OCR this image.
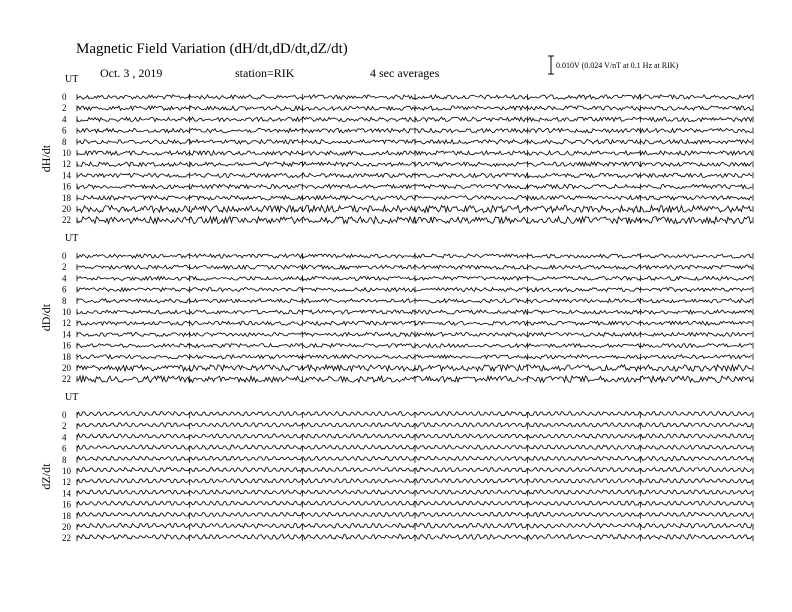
Magnetic Field Variation (dH/dt,dD/dt,dZ/dt)
Oct. 3 , 2019	station=RIK	4 sec averages
0.010V (0.024 V/nT at 0.1 Hz at RIK)
UT
dH/dt
0
2
4
6
8
10
12
14
16
18
20
22
UT
dD/dt
0
2
4
6
8
10
12
14
16
18
20
22
UT
dZ/dt
0
2
4
6
8
10
12
14
16
18
20
22
